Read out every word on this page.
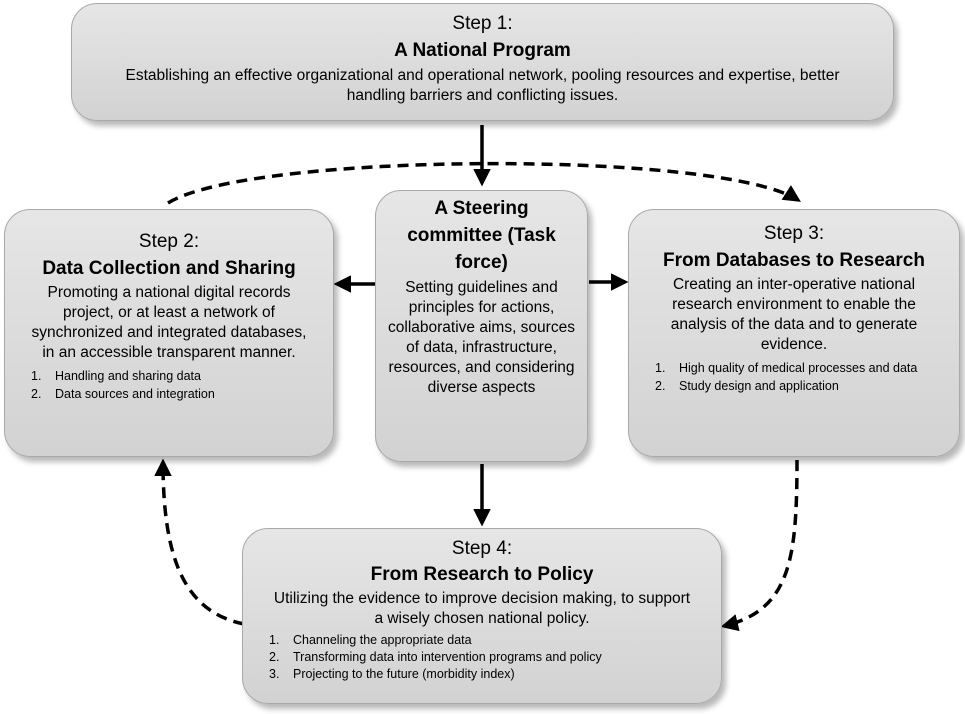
Step 1:
A National Program
Establishing an effective organizational and operational network, pooling resources and expertise, better handling barriers and conflicting issues.
A Steering committee (Task force)
Setting guidelines and principles for actions, collaborative aims, sources of data, infrastructure, resources, and considering diverse aspects
Step 2:
Data Collection and Sharing
Promoting a national digital records project, or at least a network of synchronized and integrated databases, in an accessible transparent manner.
1.	Handling and sharing data
2.	Data sources and integration
Step 3:
From Databases to Research
Creating an inter-operative national research environment to enable the analysis of the data and to generate evidence.
1.	High quality of medical processes and data
2.	Study design and application
Step 4:
From Research to Policy
Utilizing the evidence to improve decision making, to support a wisely chosen national policy.
1.	Channeling the appropriate data
2.	Transforming data into intervention programs and policy
3.	Projecting to the future (morbidity index)
